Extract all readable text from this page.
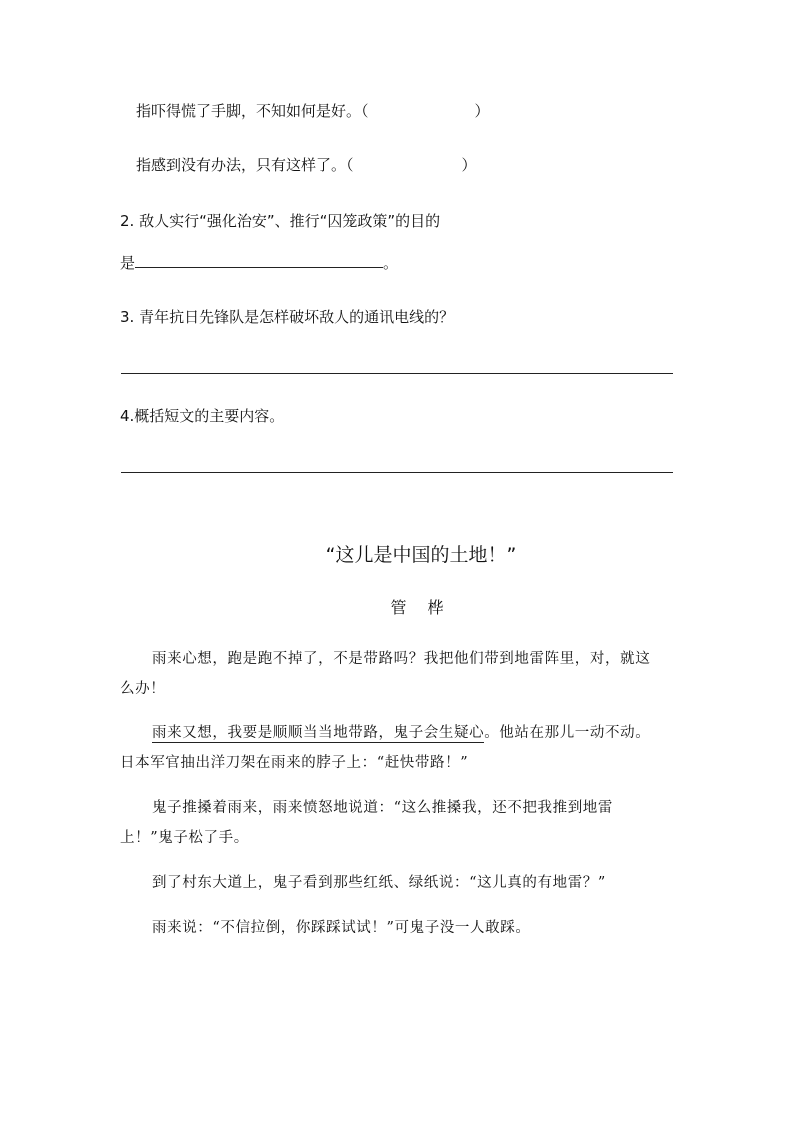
指吓得慌了手脚，不知如何是好。（	）
指感到没有办法，只有这样了。（	）
2. 敌人实行“强化治安”、推行“囚笼政策”的目的
是	。
3. 青年抗日先锋队是怎样破坏敌人的通讯电线的？
4.概括短文的主要内容。
“这儿是中国的土地！”
管 桦
雨来心想，跑是跑不掉了，不是带路吗？我把他们带到地雷阵里，对，就这
么办！
雨来又想，我要是顺顺当当地带路，鬼子会生疑心。他站在那儿一动不动。
日本军官抽出洋刀架在雨来的脖子上：“赶快带路！”
鬼子推搡着雨来，雨来愤怒地说道：“这么推搡我，还不把我推到地雷
上！”鬼子松了手。
到了村东大道上，鬼子看到那些红纸、绿纸说：“这儿真的有地雷？”
雨来说：“不信拉倒，你踩踩试试！”可鬼子没一人敢踩。
